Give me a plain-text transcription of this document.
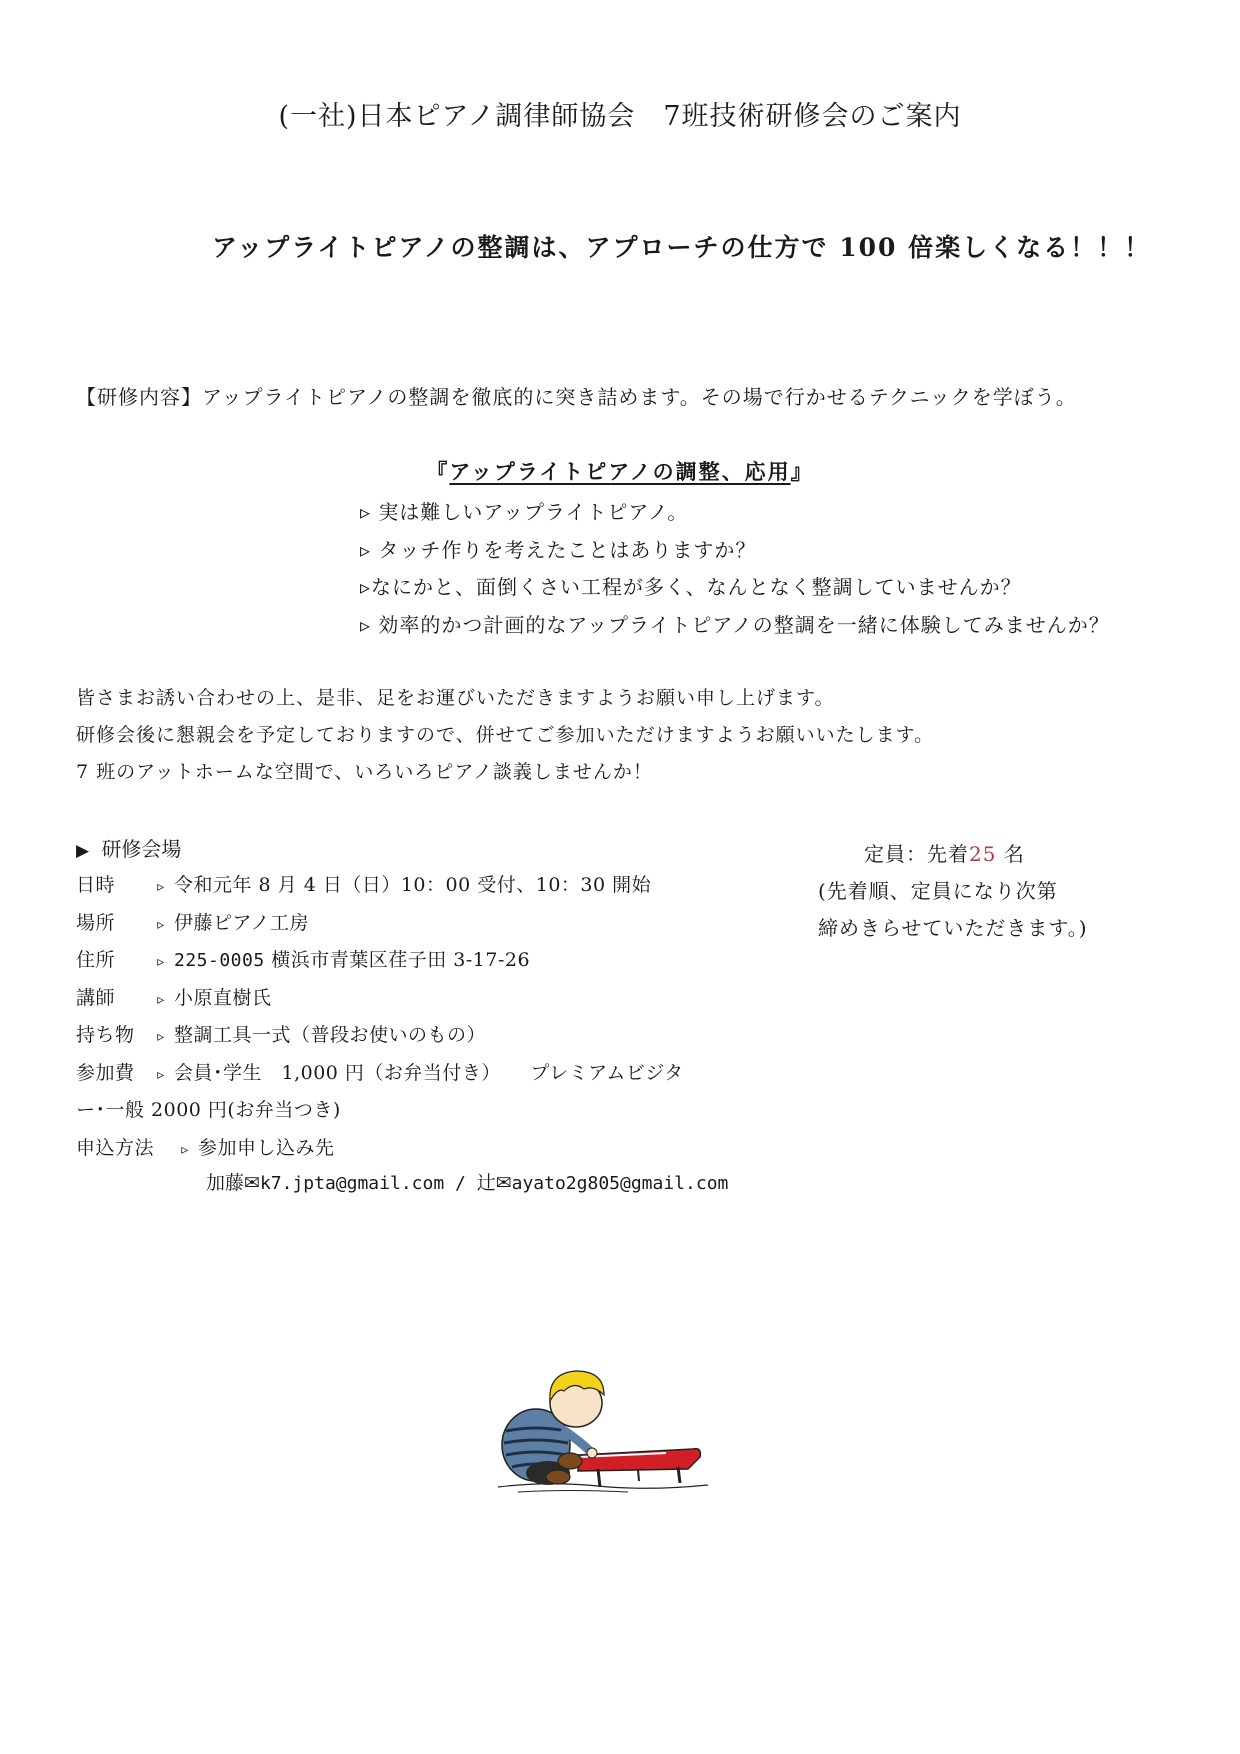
(一社)日本ピアノ調律師協会　7班技術研修会のご案内
アップライトピアノの整調は、アプローチの仕方で 100 倍楽しくなる！！！
【研修内容】アップライトピアノの整調を徹底的に突き詰めます。その場で行かせるテクニックを学ぼう。
『アップライトピアノの調整、応用』
▹ 実は難しいアップライトピアノ。
▹ タッチ作りを考えたことはありますか？
▹なにかと、面倒くさい工程が多く、なんとなく整調していませんか？
▹ 効率的かつ計画的なアップライトピアノの整調を一緒に体験してみませんか？
皆さまお誘い合わせの上、是非、足をお運びいただきますようお願い申し上げます。
研修会後に懇親会を予定しておりますので、併せてご参加いただけますようお願いいたします。
7 班のアットホームな空間で、いろいろピアノ談義しませんか！
▶ 研修会場
日時	▹ 令和元年 8 月 4 日（日）10：00 受付、10：30 開始
場所	▹ 伊藤ピアノ工房
住所	▹ 225-0005 横浜市青葉区荏子田 3-17-26
講師	▹ 小原直樹氏
持ち物 ▹ 整調工具一式（普段お使いのもの）
参加費 ▹ 会員･学生　1,000 円（お弁当付き）　　プレミアムビジタ
ー･一般 2000 円(お弁当つき)
申込方法 ▹ 参加申し込み先
加藤✉k7.jpta@gmail.com / 辻✉ayato2g805@gmail.com
定員：先着25 名
(先着順、定員になり次第
締めきらせていただきます。)
